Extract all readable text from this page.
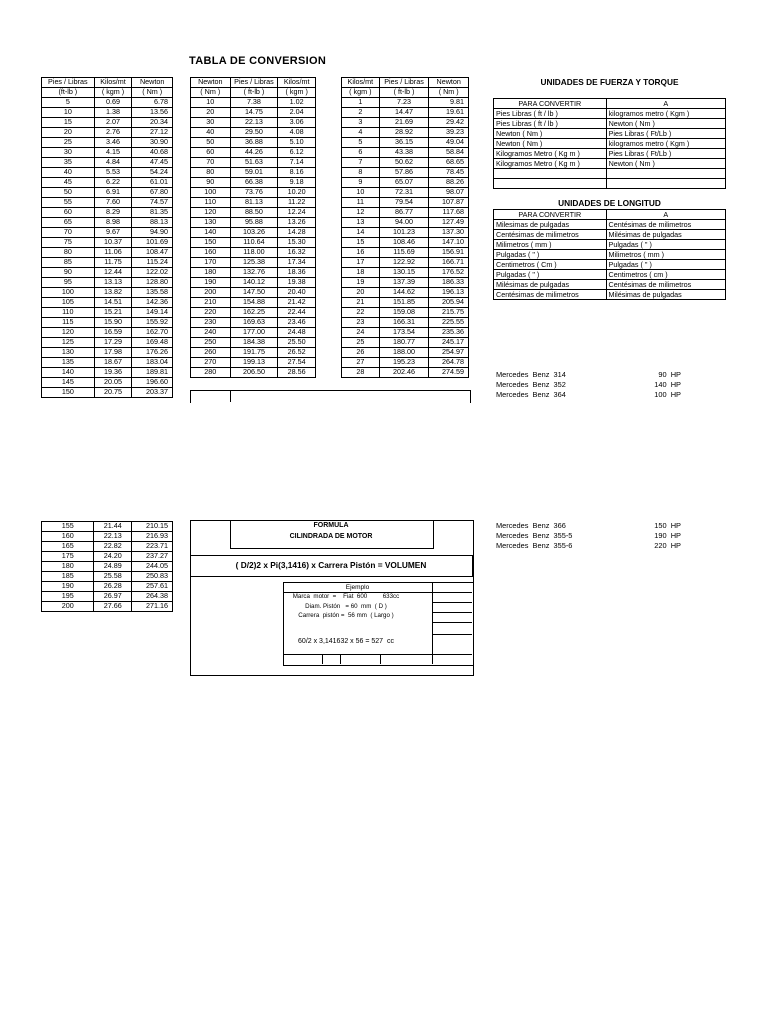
TABLA DE CONVERSION
Pies / Libras	Kilos/mt	Newton
(ft-lb )	( kgm )	( Nm )
5	0.69	6.78
10	1.38	13.56
15	2.07	20.34
20	2.76	27.12
25	3.46	30.90
30	4.15	40.68
35	4.84	47.45
40	5.53	54.24
45	6.22	61.01
50	6.91	67.80
55	7.60	74.57
60	8.29	81.35
65	8.98	88.13
70	9.67	94.90
75	10.37	101.69
80	11.06	108.47
85	11.75	115.24
90	12.44	122.02
95	13.13	128.80
100	13.82	135.58
105	14.51	142.36
110	15.21	149.14
115	15.90	155.92
120	16.59	162.70
125	17.29	169.48
130	17.98	176.26
135	18.67	183.04
140	19.36	189.81
145	20.05	196.60
150	20.75	203.37
155	21.44	210.15
160	22.13	216.93
165	22.82	223.71
175	24.20	237.27
180	24.89	244.05
185	25.58	250.83
190	26.28	257.61
195	26.97	264.38
200	27.66	271.16
Newton	Pies / Libras	Kilos/mt
( Nm )	( ft-lb )	( kgm )
10	7.38	1.02
20	14.75	2.04
30	22.13	3.06
40	29.50	4.08
50	36.88	5.10
60	44.26	6.12
70	51.63	7.14
80	59.01	8.16
90	66.38	9.18
100	73.76	10.20
110	81.13	11.22
120	88.50	12.24
130	95.88	13.26
140	103.26	14.28
150	110.64	15.30
160	118.00	16.32
170	125.38	17.34
180	132.76	18.36
190	140.12	19.38
200	147.50	20.40
210	154.88	21.42
220	162.25	22.44
230	169.63	23.46
240	177.00	24.48
250	184.38	25.50
260	191.75	26.52
270	199.13	27.54
280	206.50	28.56
Kilos/mt	Pies / Libras	Newton
( kgm )	( ft-lb )	( Nm )
1	7.23	9.81
2	14.47	19.61
3	21.69	29.42
4	28.92	39.23
5	36.15	49.04
6	43.38	58.84
7	50.62	68.65
8	57.86	78.45
9	65.07	88.26
10	72.31	98.07
11	79.54	107.87
12	86.77	117.68
13	94.00	127.49
14	101.23	137.30
15	108.46	147.10
16	115.69	156.91
17	122.92	166.71
18	130.15	176.52
19	137.39	186.33
20	144.62	196.13
21	151.85	205.94
22	159.08	215.75
23	166.31	225.55
24	173.54	235.36
25	180.77	245.17
26	188.00	254.97
27	195.23	264.78
28	202.46	274.59
UNIDADES DE FUERZA Y TORQUE
PARA CONVERTIR	A
Pies Libras ( ft / lb )	kilogramos metro ( Kgm )
Pies Libras ( ft / lb )	Newton ( Nm )
Newton ( Nm )	Pies Libras ( Ft/Lb )
Newton ( Nm )	kilogramos metro ( Kgm )
Kilogramos Metro ( Kg m )	Pies Libras ( Ft/Lb )
Kilogramos Metro ( Kg m )	Newton ( Nm )

UNIDADES DE LONGITUD
PARA CONVERTIR	A
Milesimas de pulgadas	Centésimas de milimetros
Centésimas de milimetros	Milésimas de pulgadas
Milimetros ( mm )	Pulgadas ( " )
Pulgadas ( " )	Milimetros ( mm )
Centimetros ( Cm )	Pulgadas ( " )
Pulgadas ( " )	Centimetros ( cm )
Milésimas de pulgadas	Centésimas de milimetros
Centésimas de milimetros	Milésimas de pulgadas
Mercedes  Benz  314	90  HP
Mercedes  Benz  352	140  HP
Mercedes  Benz  364	100  HP
Mercedes  Benz  366	150  HP
Mercedes  Benz  355-5	190  HP
Mercedes  Benz  355-6	220  HP
FORMULA
CILINDRADA DE MOTOR
( D/2)2 x Pi(3,1416) x Carrera Pistón = VOLUMEN
Ejemplo
Marca  motor  =    Fiat  600         633cc
Diam. Pistón   = 60  mm  ( D )
Carrera  pistón =  56 mm  ( Largo )
60/2 x 3,141632 x 56 = 527  cc
